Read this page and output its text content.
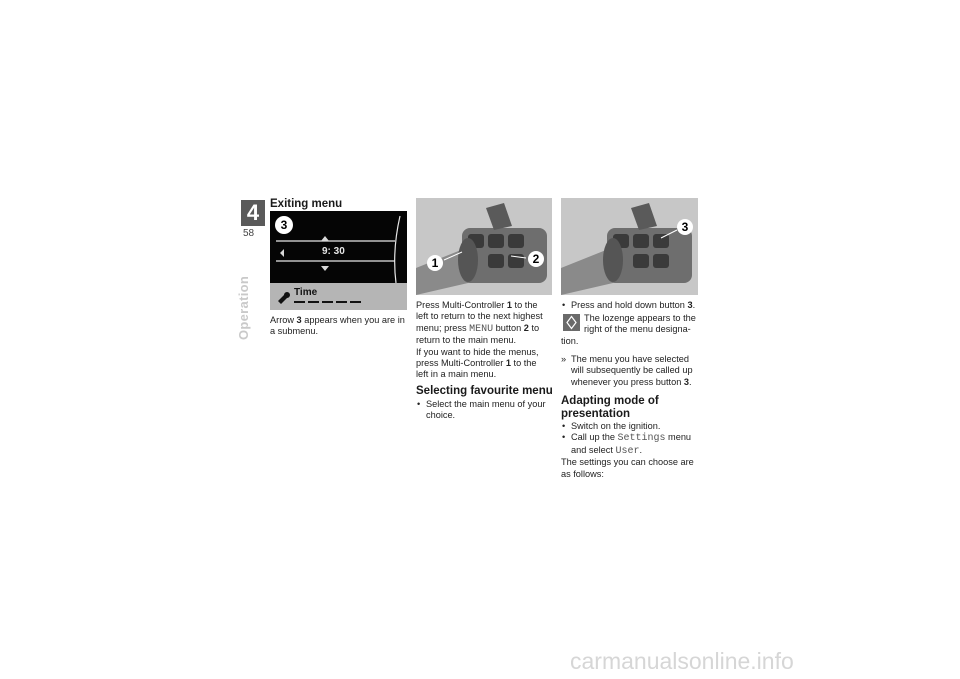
4
58
Operation
Exiting menu
3
9: 30
Time

Arrow 3 appears when you are in a submenu.

1	2

Press Multi-Controller 1 to the left to return to the next highest menu; press MENU button 2 to return to the main menu.

If you want to hide the menus, press Multi-Controller 1 to the left in a main menu.

Selecting favourite menu
• Select the main menu of your choice.
3
• Press and hold down button 3.
The lozenge appears to the right of the menu designa-
tion.
» The menu you have selected will subsequently be called up whenever you press button 3.
Adapting mode of presentation
• Switch on the ignition.
• Call up the Settings menu and select User.

The settings you can choose are as follows:

carmanualsonline.info
